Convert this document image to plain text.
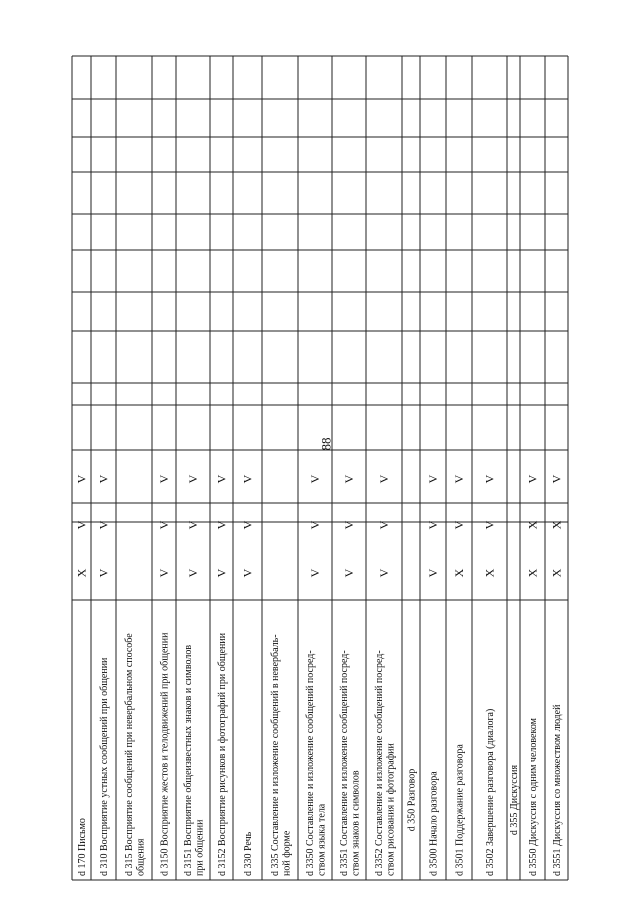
88
d 170 Письмо
X
V
V
d 310 Восприятие устных сообщений при общении
V
V
V
d 315 Восприятие сообщений при невербальном способе общения d 3150 Восприятие жестов и телодвижений при общении
V
V
V
d 3151 Восприятие общеизвестных знаков и символов при общении
V
V
V
d 3152 Восприятие рисунков и фотографий при общении
V
V
V
d 330 Речь
V
V
V
d 335 Составление и изложение сообщений в невербаль- ной форме d 3350 Составление и изложение сообщений посред- ством языка тела
V
V
V
d 3351 Составление и изложение сообщений посред- ством знаков и символов
V
V
V
d 3352 Составление и изложение сообщений посред- ством рисования и фотографии
V
V
V
d 350 Разговор d 3500 Начало разговора
V
V
V
d 3501 Поддержание разговора
X
V
V
d 3502 Завершение разговора (диалога)
X
V
V
d 355 Дискуссия d 3550 Дискуссия с одним человеком
X
X
V
d 3551 Дискуссия со множеством людей
X
X
V
